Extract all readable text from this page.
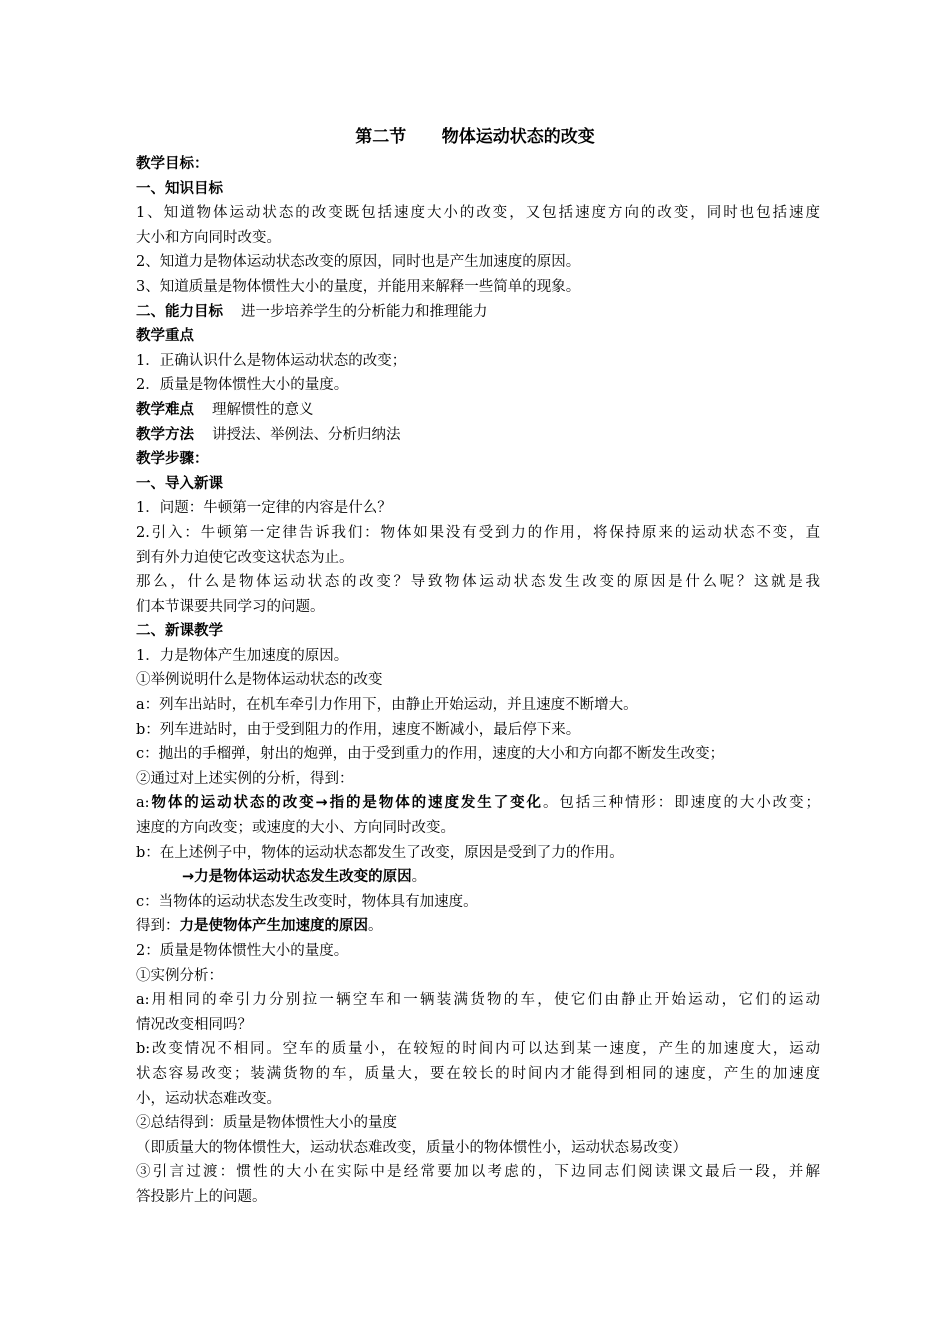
第二节      物体运动状态的改变
教学目标：
一、知识目标
1、知道物体运动状态的改变既包括速度大小的改变，又包括速度方向的改变，同时也包括速度
大小和方向同时改变。
2、知道力是物体运动状态改变的原因，同时也是产生加速度的原因。
3、知道质量是物体惯性大小的量度，并能用来解释一些简单的现象。
二、能力目标 进一步培养学生的分析能力和推理能力
教学重点
1．正确认识什么是物体运动状态的改变；
2．质量是物体惯性大小的量度。
教学难点 理解惯性的意义
教学方法 讲授法、举例法、分析归纳法
教学步骤：
一、导入新课
1．问题：牛顿第一定律的内容是什么？
2.引入：牛顿第一定律告诉我们：物体如果没有受到力的作用，将保持原来的运动状态不变，直
到有外力迫使它改变这状态为止。
那么，什么是物体运动状态的改变？导致物体运动状态发生改变的原因是什么呢？这就是我
们本节课要共同学习的问题。
二、新课教学
1．力是物体产生加速度的原因。
①举例说明什么是物体运动状态的改变
a：列车出站时，在机车牵引力作用下，由静止开始运动，并且速度不断增大。
b：列车进站时，由于受到阻力的作用，速度不断减小，最后停下来。
c：抛出的手榴弹，射出的炮弹，由于受到重力的作用，速度的大小和方向都不断发生改变；
②通过对上述实例的分析，得到：
a:物体的运动状态的改变→指的是物体的速度发生了变化。包括三种情形：即速度的大小改变；
速度的方向改变；或速度的大小、方向同时改变。
b：在上述例子中，物体的运动状态都发生了改变，原因是受到了力的作用。
→力是物体运动状态发生改变的原因。
c：当物体的运动状态发生改变时，物体具有加速度。
得到：力是使物体产生加速度的原因。
2：质量是物体惯性大小的量度。
①实例分析：
a:用相同的牵引力分别拉一辆空车和一辆装满货物的车，使它们由静止开始运动，它们的运动
情况改变相同吗？
b:改变情况不相同。空车的质量小，在较短的时间内可以达到某一速度，产生的加速度大，运动
状态容易改变；装满货物的车，质量大，要在较长的时间内才能得到相同的速度，产生的加速度
小，运动状态难改变。
②总结得到：质量是物体惯性大小的量度
（即质量大的物体惯性大，运动状态难改变，质量小的物体惯性小，运动状态易改变）
③引言过渡：惯性的大小在实际中是经常要加以考虑的，下边同志们阅读课文最后一段，并解
答投影片上的问题。
